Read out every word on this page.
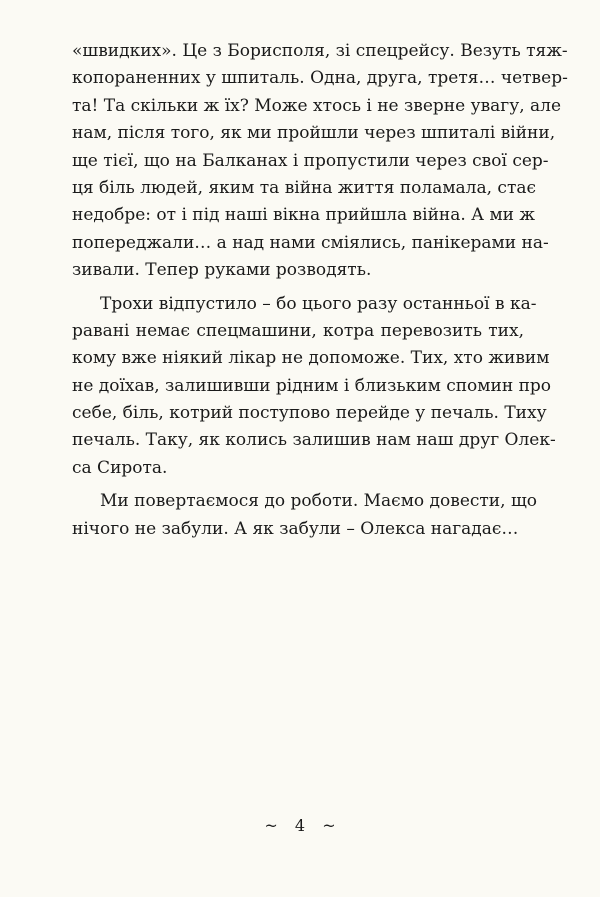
«швидких». Це з Борисполя, зі спецрейсу. Везуть тяж-
копораненних у шпиталь. Одна, друга, третя… четвер-
та! Та скільки ж їх? Може хтось і не зверне увагу, але
нам, після того, як ми пройшли через шпиталі війни,
ще тієї, що на Балканах і пропустили через свої сер-
ця біль людей, яким та війна життя поламала, стає
недобре: от і під наші вікна прийшла війна. А ми ж
попереджали… а над нами сміялись, панікерами на-
зивали. Тепер руками розводять.
Трохи відпустило – бо цього разу останньої в ка-
равані немає спецмашини, котра перевозить тих,
кому вже ніякий лікар не допоможе. Тих, хто живим
не доїхав, залишивши рідним і близьким спомин про
себе, біль, котрий поступово перейде у печаль. Тиху
печаль. Таку, як колись залишив нам наш друг Олек-
са Сирота.
Ми повертаємося до роботи. Маємо довести, що
нічого не забули. А як забули – Олекса нагадає…
~ 4 ~
